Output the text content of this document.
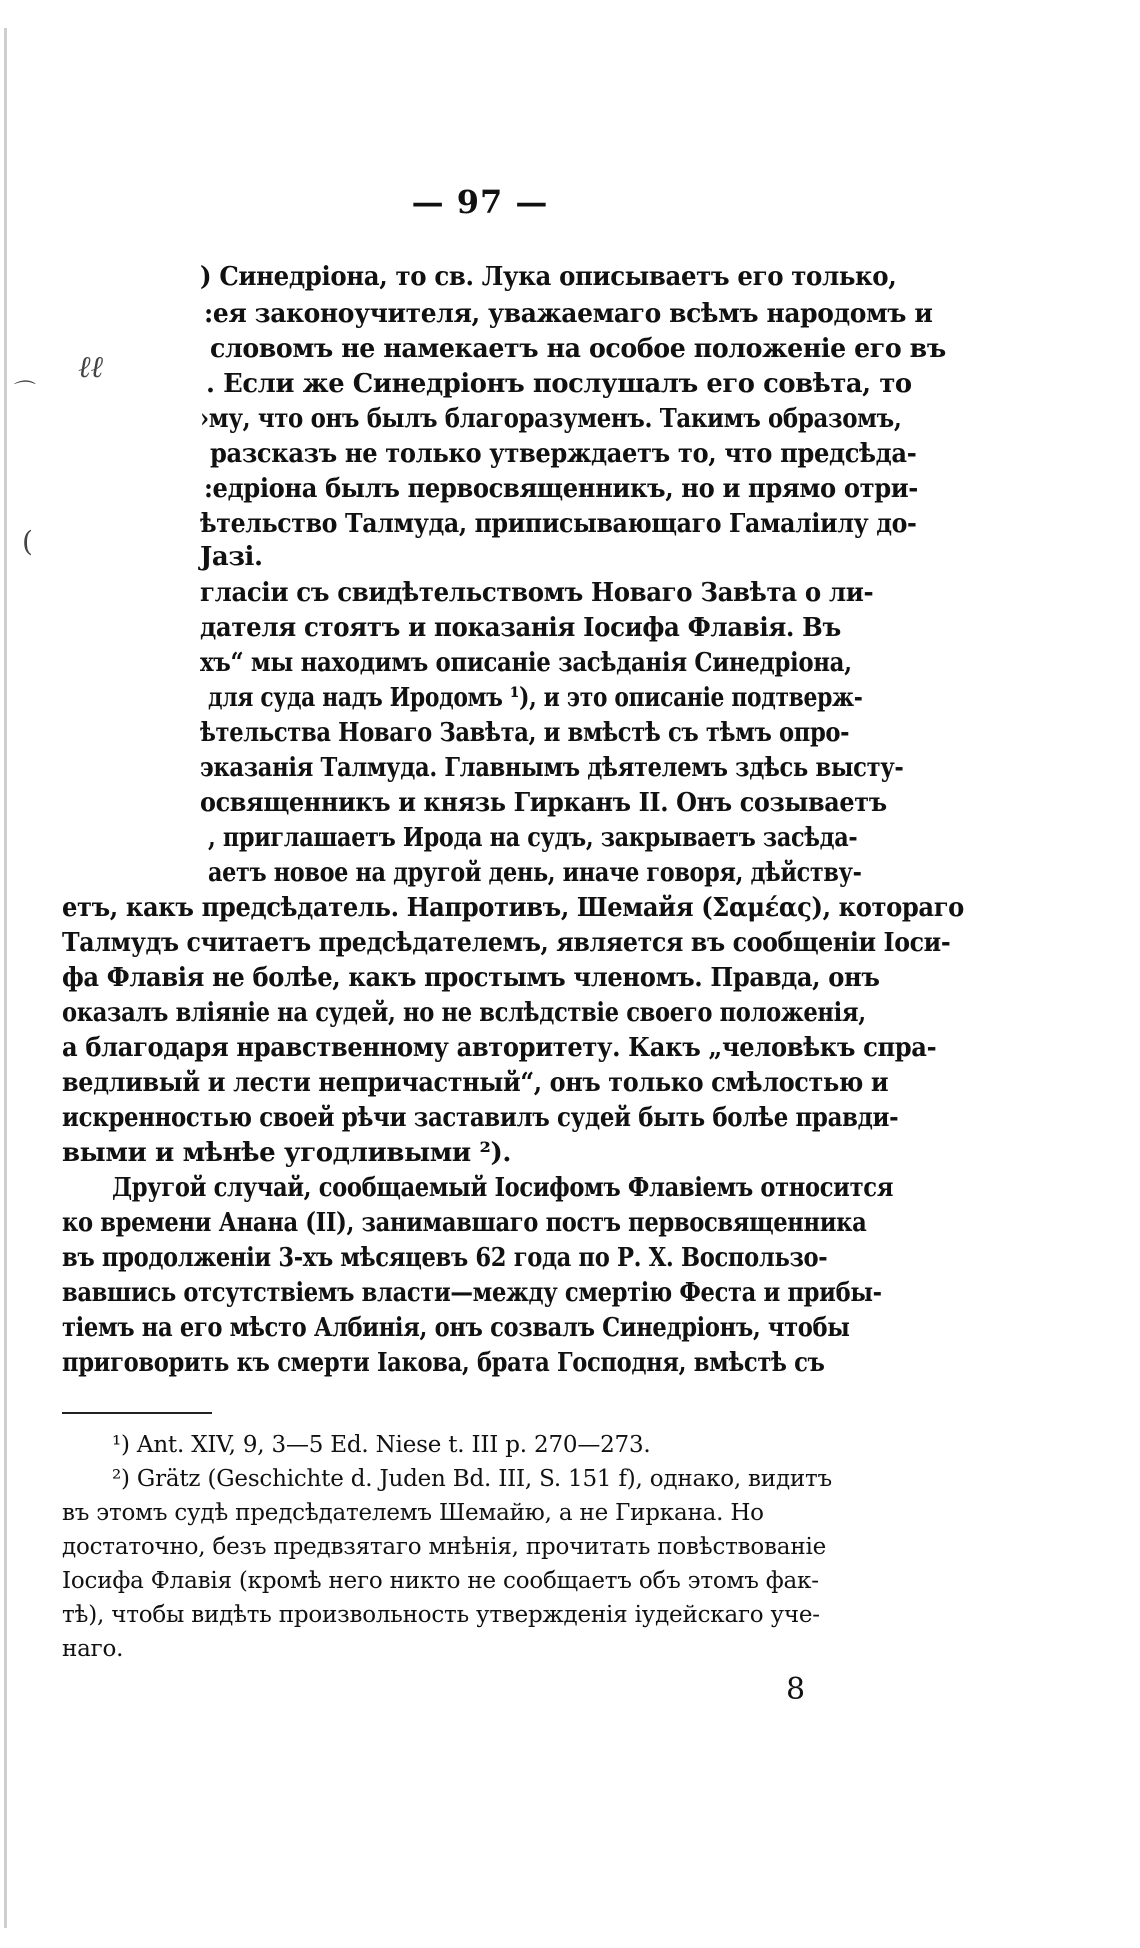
— 97 —
ℓℓ
⌒
(
) Синедріона, то св. Лука описываетъ его только,
:ея законоучителя, уважаемаго всѣмъ народомъ и
словомъ не намекаетъ на особое положеніе его въ
. Если же Синедріонъ послушалъ его совѣта, то
›му, что онъ былъ благоразуменъ. Такимъ образомъ,
разсказъ не только утверждаетъ то, что предсѣда-
:едріона былъ первосвященникъ, но и прямо отри-
ѣтельство Талмуда, приписывающаго Гамаліилу до-
Jaзi.
гласіи съ свидѣтельствомъ Новаго Завѣта о ли-
дателя стоятъ и показанія Іосифа Флавія. Въ
хъ“ мы находимъ описаніе засѣданія Синедріона,
для суда надъ Иродомъ ¹), и это описаніе подтверж-
ѣтельства Новаго Завѣта, и вмѣстѣ съ тѣмъ опро-
эказанія Талмуда. Главнымъ дѣятелемъ здѣсь высту-
освященникъ и князь Гирканъ II. Онъ созываетъ
, приглашаетъ Ирода на судъ, закрываетъ засѣда-
аетъ новое на другой день, иначе говоря, дѣйству-
етъ, какъ предсѣдатель. Напротивъ, Шемайя (Σαμέας), котораго
Талмудъ считаетъ предсѣдателемъ, является въ сообщеніи Іоси-
фа Флавія не болѣе, какъ простымъ членомъ. Правда, онъ
оказалъ вліяніе на судей, но не вслѣдствіе своего положенія,
а благодаря нравственному авторитету. Какъ „человѣкъ спра-
ведливый и лести непричастный“, онъ только смѣлостью и
искренностью своей рѣчи заставилъ судей быть болѣе правди-
выми и мѣнѣе угодливыми ²).
Другой случай, сообщаемый Іосифомъ Флавіемъ относится
ко времени Анана (II), занимавшаго постъ первосвященника
въ продолженіи 3-хъ мѣсяцевъ 62 года по Р. Х. Воспользо-
вавшись отсутствіемъ власти—между смертію Феста и прибы-
тіемъ на его мѣсто Албинія, онъ созвалъ Синедріонъ, чтобы
приговорить къ смерти Іакова, брата Господня, вмѣстѣ съ
¹) Ant. XIV, 9, 3—5 Ed. Niese t. III p. 270—273.
²) Grätz (Geschichte d. Juden Bd. III, S. 151 f), однако, видитъ
въ этомъ судѣ предсѣдателемъ Шемайю, а не Гиркана. Но
достаточно, безъ предвзятаго мнѣнія, прочитать повѣствованіе
Іосифа Флавія (кромѣ него никто не сообщаетъ объ этомъ фак-
тѣ), чтобы видѣть произвольность утвержденія іудейскаго уче-
наго.
8
